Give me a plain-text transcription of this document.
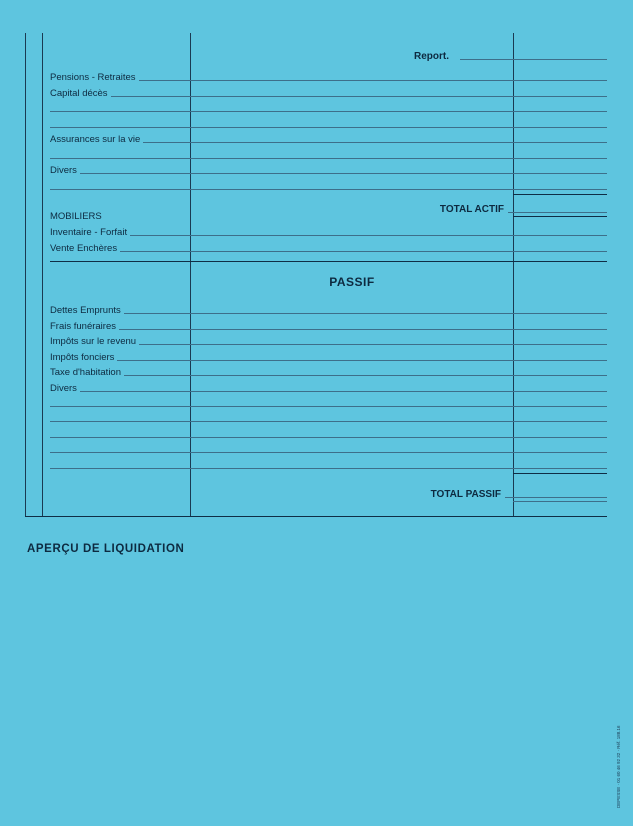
Report.
Pensions - Retraites
Capital décès
Assurances sur la vie
Divers
TOTAL ACTIF
MOBILIERS
Inventaire - Forfait
Vente Enchères
PASSIF
Dettes Emprunts
Frais funéraires
Impôts sur le revenu
Impôts fonciers
Taxe d'habitation
Divers
TOTAL PASSIF
APERÇU DE LIQUIDATION
DEPESSE · 01 60 46 92 32 · Réf. 188.16
